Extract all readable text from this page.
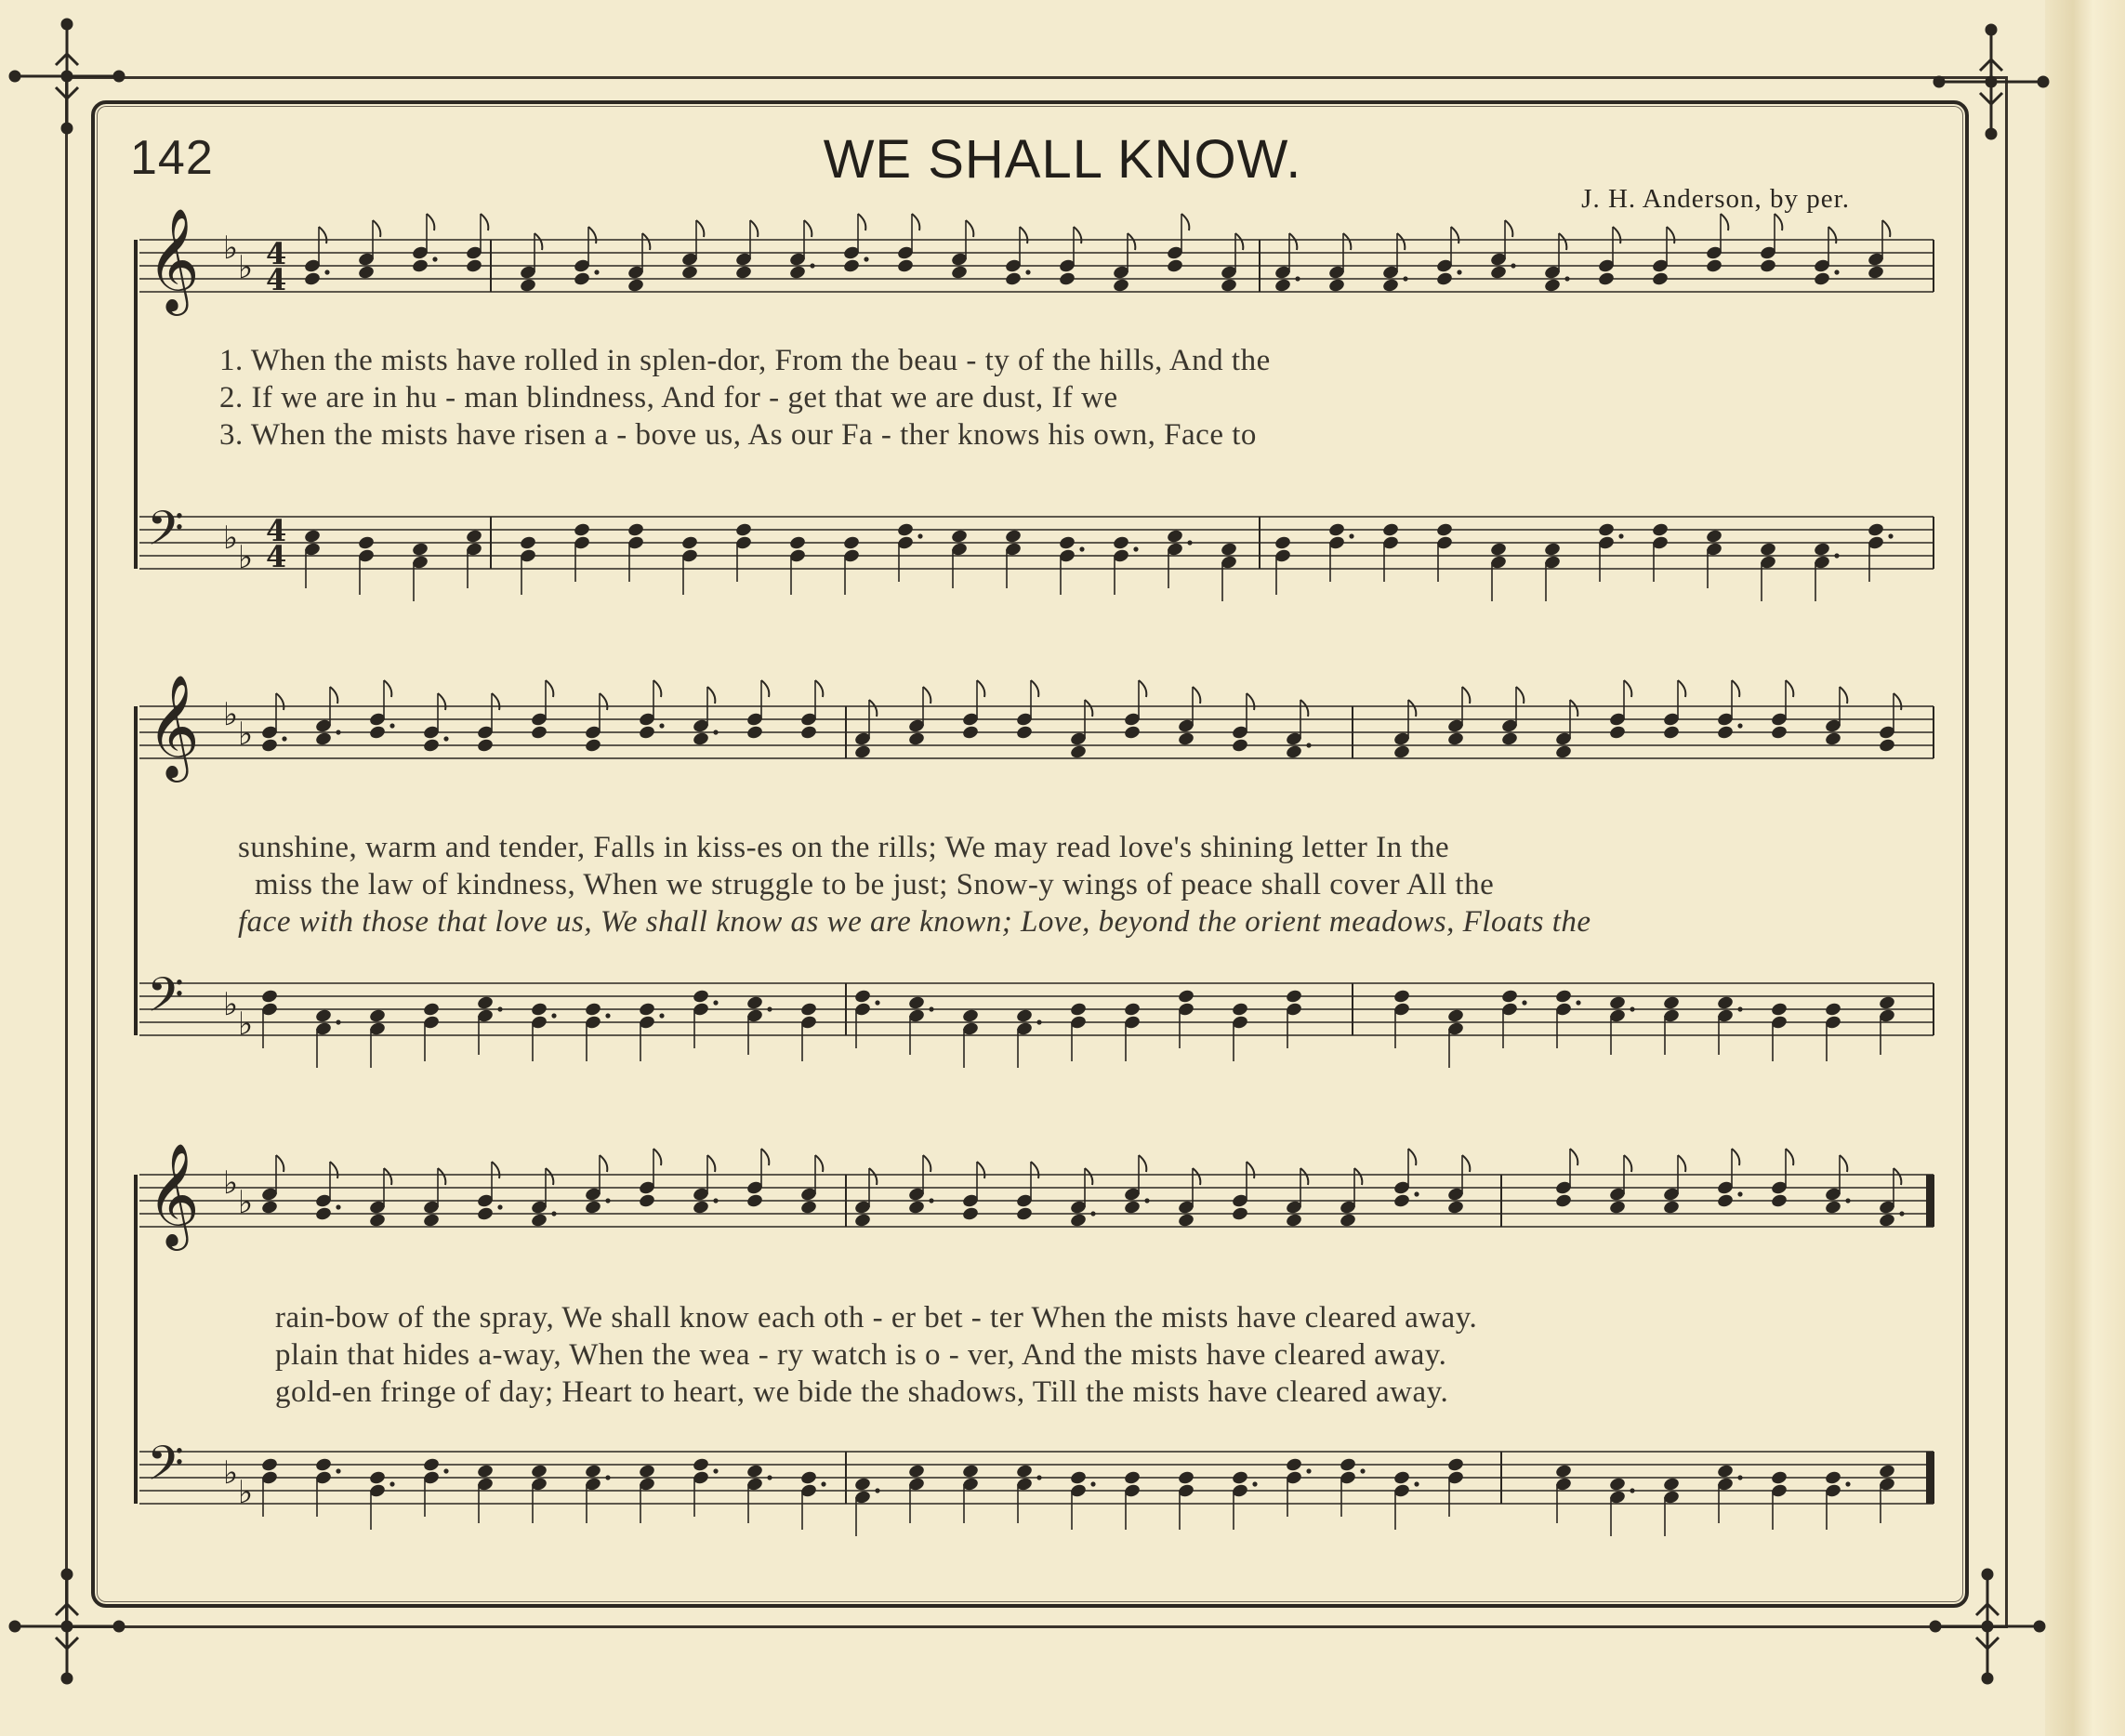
142	WE SHALL KNOW.
J. H. Anderson, by per.
𝄞 ♭
♭ 4
4
𝄢 ♭
♭
4
4
1. When the mists have rolled in splen-dor, From the beau - ty of the hills, And the
2. If we are in hu - man blindness, And for - get that we are dust, If we
3. When the mists have risen a - bove us, As our Fa - ther knows his own, Face to
𝄞 ♭
♭
𝄢 ♭
♭
sunshine, warm and tender, Falls in kiss-es on the rills; We may read love's shining letter In the
miss the law of kindness, When we struggle to be just; Snow-y wings of peace shall cover All the
face with those that love us, We shall know as we are known; Love, beyond the orient meadows, Floats the
𝄞 ♭
♭
𝄢 ♭
♭
rain-bow of the spray, We shall know each oth - er bet - ter When the mists have cleared away.
plain that hides a-way, When the wea - ry watch is o - ver, And the mists have cleared away.
gold-en fringe of day; Heart to heart, we bide the shadows, Till the mists have cleared away.
